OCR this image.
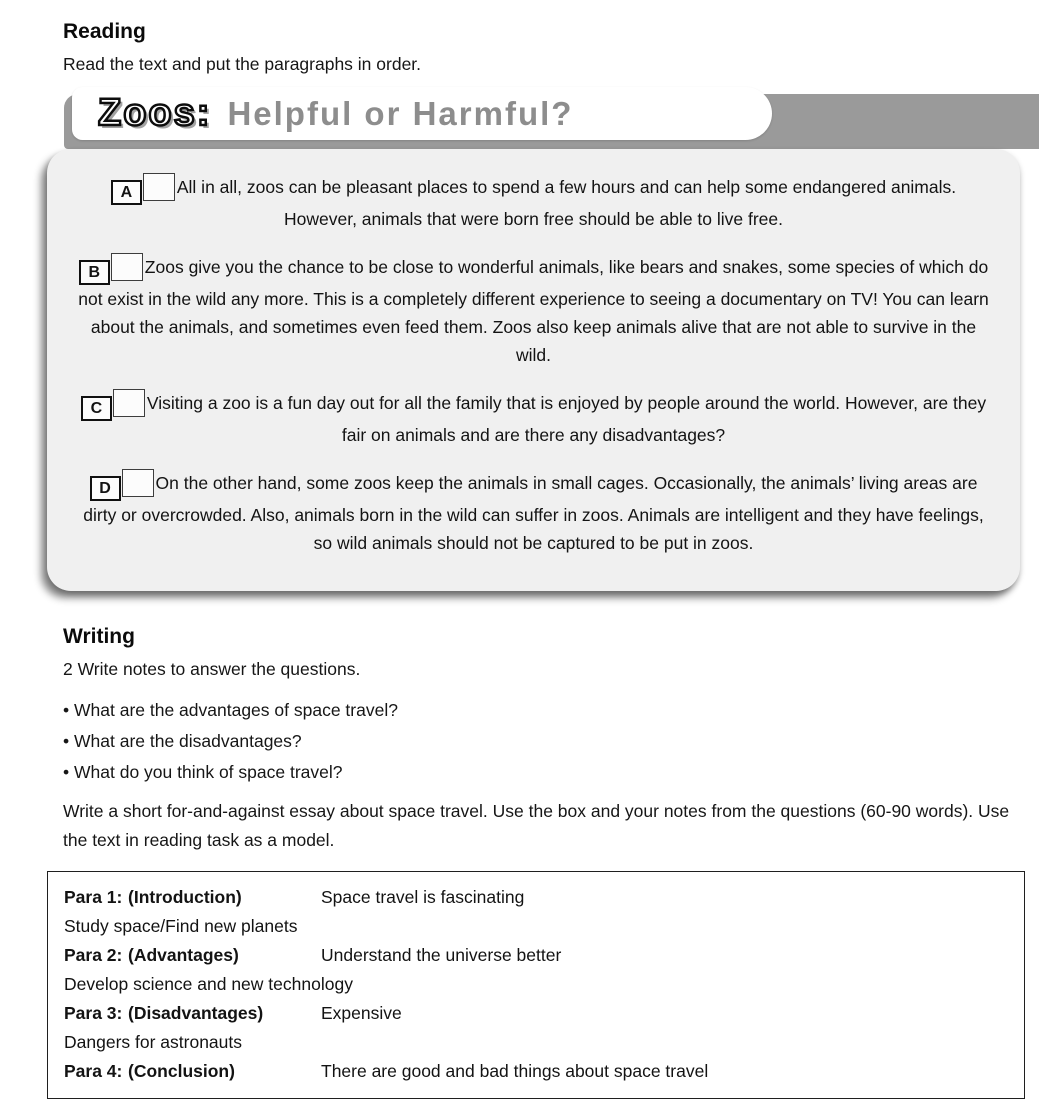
Reading

Read the text and put the paragraphs in order.

Zoos: Helpful or Harmful?
A	All in all, zoos can be pleasant places to spend a few hours and can help some endangered animals. However, animals that were born free should be able to live free.
B	Zoos give you the chance to be close to wonderful animals, like bears and snakes, some species of which do not exist in the wild any more. This is a completely different experience to seeing a documentary on TV! You can learn about the animals, and sometimes even feed them. Zoos also keep animals alive that are not able to survive in the wild.
C	Visiting a zoo is a fun day out for all the family that is enjoyed by people around the world. However, are they fair on animals and are there any disadvantages?
D	On the other hand, some zoos keep the animals in small cages. Occasionally, the animals’ living areas are dirty or overcrowded. Also, animals born in the wild can suffer in zoos. Animals are intelligent and they have feelings, so wild animals should not be captured to be put in zoos.
Writing

2 Write notes to answer the questions.

• What are the advantages of space travel?
• What are the disadvantages?
• What do you think of space travel?

Write a short for-and-against essay about space travel. Use the box and your notes from the questions (60-90 words). Use the text in reading task as a model.

Para 1: (Introduction)	Space travel is fascinating
Study space/Find new planets
Para 2: (Advantages)	Understand the universe better
Develop science and new technology
Para 3: (Disadvantages)	Expensive
Dangers for astronauts
Para 4: (Conclusion)	There are good and bad things about space travel
